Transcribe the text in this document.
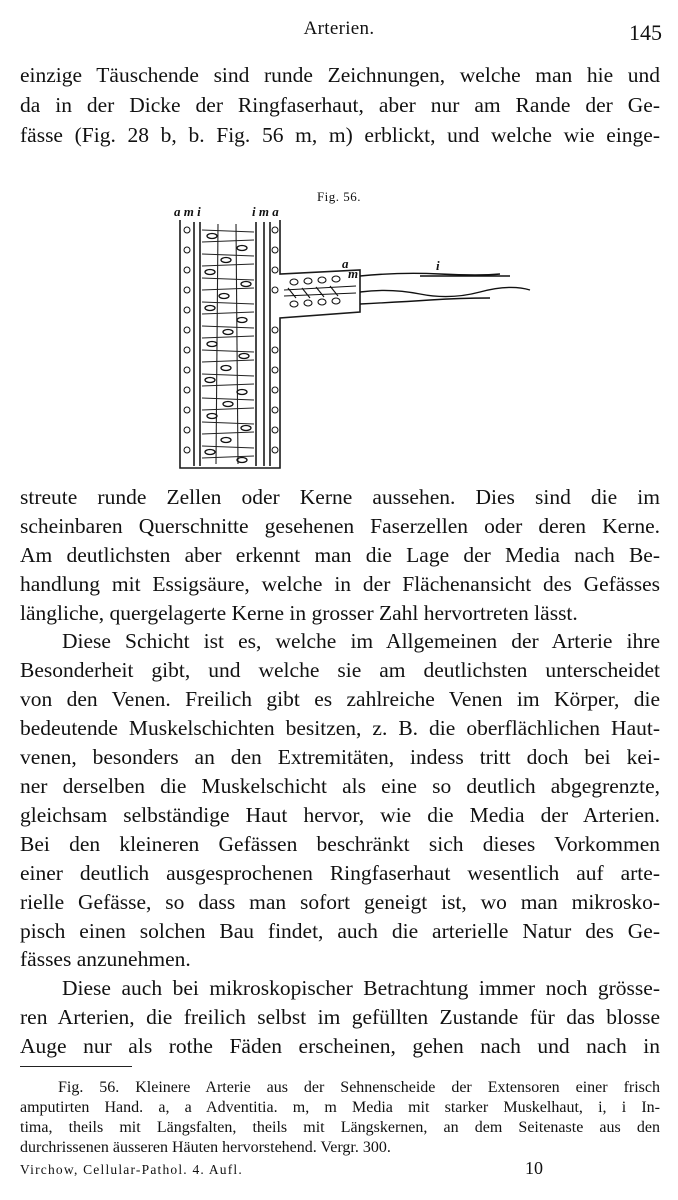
Arterien.	145
einzige Täuschende sind runde Zeichnungen, welche man hie und
da in der Dicke der Ringfaserhaut, aber nur am Rande der Ge-
fässe (Fig. 28 b, b. Fig. 56 m, m) erblickt, und welche wie einge-
Fig. 56.
a m i	i m a
a
m
i
streute runde Zellen oder Kerne aussehen. Dies sind die im
scheinbaren Querschnitte gesehenen Faserzellen oder deren Kerne.
Am deutlichsten aber erkennt man die Lage der Media nach Be-
handlung mit Essigsäure, welche in der Flächenansicht des Gefässes
längliche, quergelagerte Kerne in grosser Zahl hervortreten lässt.
Diese Schicht ist es, welche im Allgemeinen der Arterie ihre
Besonderheit gibt, und welche sie am deutlichsten unterscheidet
von den Venen. Freilich gibt es zahlreiche Venen im Körper, die
bedeutende Muskelschichten besitzen, z. B. die oberflächlichen Haut-
venen, besonders an den Extremitäten, indess tritt doch bei kei-
ner derselben die Muskelschicht als eine so deutlich abgegrenzte,
gleichsam selbständige Haut hervor, wie die Media der Arterien.
Bei den kleineren Gefässen beschränkt sich dieses Vorkommen
einer deutlich ausgesprochenen Ringfaserhaut wesentlich auf arte-
rielle Gefässe, so dass man sofort geneigt ist, wo man mikrosko-
pisch einen solchen Bau findet, auch die arterielle Natur des Ge-
fässes anzunehmen.
Diese auch bei mikroskopischer Betrachtung immer noch grösse-
ren Arterien, die freilich selbst im gefüllten Zustande für das blosse
Auge nur als rothe Fäden erscheinen, gehen nach und nach in
Fig. 56. Kleinere Arterie aus der Sehnenscheide der Extensoren einer frisch
amputirten Hand. a, a Adventitia. m, m Media mit starker Muskelhaut, i, i In-
tima, theils mit Längsfalten, theils mit Längskernen, an dem Seitenaste aus den
durchrissenen äusseren Häuten hervorstehend. Vergr. 300.
Virchow, Cellular-Pathol. 4. Aufl.	10
